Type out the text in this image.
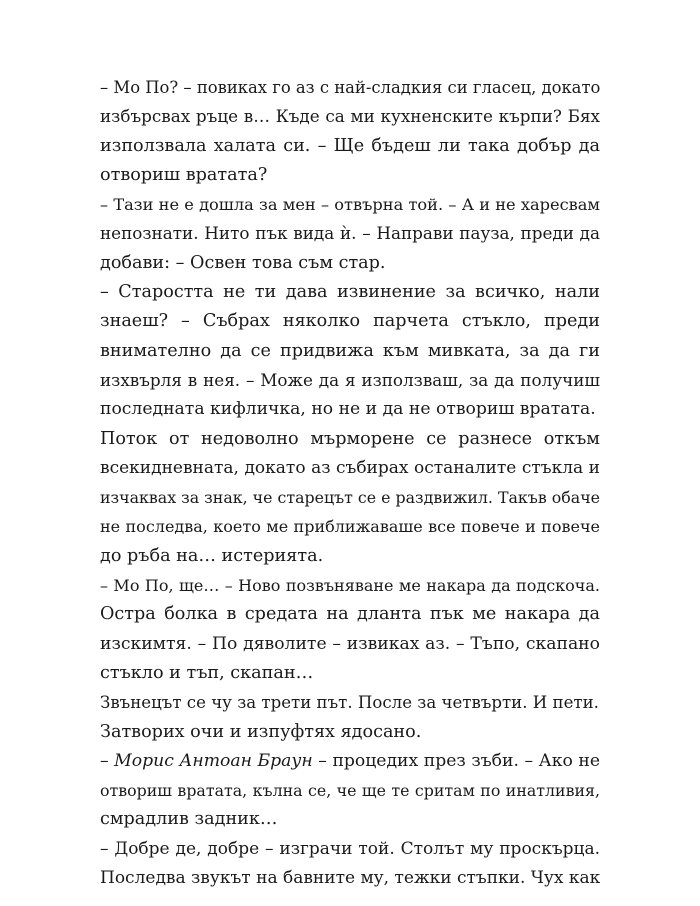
– Мо По? – повиках го аз с най-сладкия си гласец, докато
избърсвах ръце в… Къде са ми кухненските кърпи? Бях
използвала халата си. – Ще бъдеш ли така добър да
отвориш вратата?
– Тази не е дошла за мен – отвърна той. – А и не харесвам
непознати. Нито пък вида ѝ. – Направи пауза, преди да
добави: – Освен това съм стар.
– Старостта не ти дава извинение за всичко, нали
знаеш? – Събрах няколко парчета стъкло, преди
внимателно да се придвижа към мивката, за да ги
изхвърля в нея. – Може да я използваш, за да получиш
последната кифличка, но не и да не отвориш вратата.
Поток от недоволно мърморене се разнесе откъм
всекидневната, докато аз събирах останалите стъкла и
изчаквах за знак, че старецът се е раздвижил. Такъв обаче
не последва, което ме приближаваше все повече и повече
до ръба на… истерията.
– Мо По, ще… – Ново позвъняване ме накара да подскоча.
Остра болка в средата на дланта пък ме накара да
изскимтя. – По дяволите – извиках аз. – Тъпо, скапано
стъкло и тъп, скапан…
Звънецът се чу за трети път. После за четвърти. И пети.
Затворих очи и изпуфтях ядосано.
– Морис Антоан Браун – процедих през зъби. – Ако не
отвориш вратата, кълна се, че ще те сритам по инатливия,
смрадлив задник…
– Добре де, добре – изграчи той. Столът му проскърца.
Последва звукът на бавните му, тежки стъпки. Чух как
